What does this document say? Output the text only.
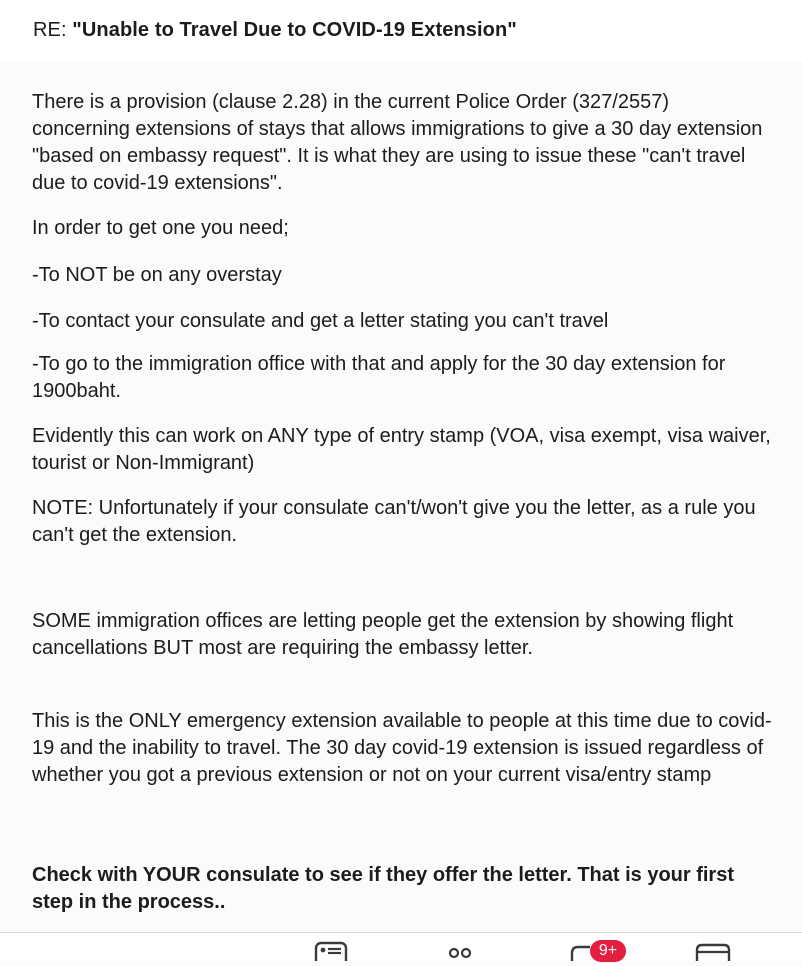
RE: "Unable to Travel Due to COVID-19 Extension"

There is a provision (clause 2.28) in the current Police Order (327/2557) concerning extensions of stays that allows immigrations to give a 30 day extension "based on embassy request". It is what they are using to issue these "can't travel due to covid-19 extensions".

In order to get one you need;

-To NOT be on any overstay

-To contact your consulate and get a letter stating you can't travel

-To go to the immigration office with that and apply for the 30 day extension for 1900baht.

Evidently this can work on ANY type of entry stamp (VOA, visa exempt, visa waiver, tourist or Non-Immigrant)

NOTE: Unfortunately if your consulate can't/won't give you the letter, as a rule you can't get the extension.

SOME immigration offices are letting people get the extension by showing flight cancellations BUT most are requiring the embassy letter.

This is the ONLY emergency extension available to people at this time due to covid-19 and the inability to travel. The 30 day covid-19 extension is issued regardless of whether you got a previous extension or not on your current visa/entry stamp

Check with YOUR consulate to see if they offer the letter. That is your first step in the process..

9+
